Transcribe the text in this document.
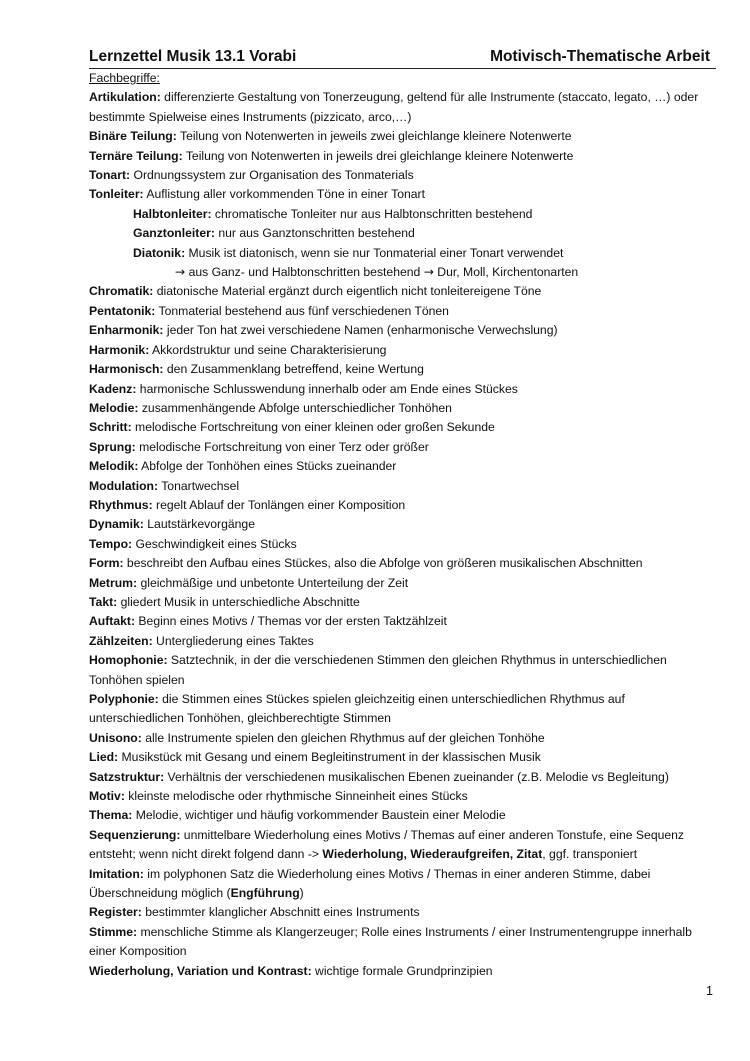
Lernzettel Musik 13.1 Vorabi	Motivisch-Thematische Arbeit
Fachbegriffe:
Artikulation: differenzierte Gestaltung von Tonerzeugung, geltend für alle Instrumente (staccato, legato, …) oder bestimmte Spielweise eines Instruments (pizzicato, arco,…)
Binäre Teilung: Teilung von Notenwerten in jeweils zwei gleichlange kleinere Notenwerte
Ternäre Teilung: Teilung von Notenwerten in jeweils drei gleichlange kleinere Notenwerte
Tonart: Ordnungssystem zur Organisation des Tonmaterials
Tonleiter: Auflistung aller vorkommenden Töne in einer Tonart
Halbtonleiter: chromatische Tonleiter nur aus Halbtonschritten bestehend
Ganztonleiter: nur aus Ganztonschritten bestehend
Diatonik: Musik ist diatonisch, wenn sie nur Tonmaterial einer Tonart verwendet
→ aus Ganz- und Halbtonschritten bestehend → Dur, Moll, Kirchentonarten
Chromatik: diatonische Material ergänzt durch eigentlich nicht tonleitereigene Töne
Pentatonik: Tonmaterial bestehend aus fünf verschiedenen Tönen
Enharmonik: jeder Ton hat zwei verschiedene Namen (enharmonische Verwechslung)
Harmonik: Akkordstruktur und seine Charakterisierung
Harmonisch: den Zusammenklang betreffend, keine Wertung
Kadenz: harmonische Schlusswendung innerhalb oder am Ende eines Stückes
Melodie: zusammenhängende Abfolge unterschiedlicher Tonhöhen
Schritt: melodische Fortschreitung von einer kleinen oder großen Sekunde
Sprung: melodische Fortschreitung von einer Terz oder größer
Melodik: Abfolge der Tonhöhen eines Stücks zueinander
Modulation: Tonartwechsel
Rhythmus: regelt Ablauf der Tonlängen einer Komposition
Dynamik: Lautstärkevorgänge
Tempo: Geschwindigkeit eines Stücks
Form: beschreibt den Aufbau eines Stückes, also die Abfolge von größeren musikalischen Abschnitten
Metrum: gleichmäßige und unbetonte Unterteilung der Zeit
Takt: gliedert Musik in unterschiedliche Abschnitte
Auftakt: Beginn eines Motivs / Themas vor der ersten Taktzählzeit
Zählzeiten: Untergliederung eines Taktes
Homophonie: Satztechnik, in der die verschiedenen Stimmen den gleichen Rhythmus in unterschiedlichen Tonhöhen spielen
Polyphonie: die Stimmen eines Stückes spielen gleichzeitig einen unterschiedlichen Rhythmus auf unterschiedlichen Tonhöhen, gleichberechtigte Stimmen
Unisono: alle Instrumente spielen den gleichen Rhythmus auf der gleichen Tonhöhe
Lied: Musikstück mit Gesang und einem Begleitinstrument in der klassischen Musik
Satzstruktur: Verhältnis der verschiedenen musikalischen Ebenen zueinander (z.B. Melodie vs Begleitung)
Motiv: kleinste melodische oder rhythmische Sinneinheit eines Stücks
Thema: Melodie, wichtiger und häufig vorkommender Baustein einer Melodie
Sequenzierung: unmittelbare Wiederholung eines Motivs / Themas auf einer anderen Tonstufe, eine Sequenz entsteht; wenn nicht direkt folgend dann -> Wiederholung, Wiederaufgreifen, Zitat, ggf. transponiert
Imitation: im polyphonen Satz die Wiederholung eines Motivs / Themas in einer anderen Stimme, dabei Überschneidung möglich (Engführung)
Register: bestimmter klanglicher Abschnitt eines Instruments
Stimme: menschliche Stimme als Klangerzeuger; Rolle eines Instruments / einer Instrumentengruppe innerhalb einer Komposition
Wiederholung, Variation und Kontrast: wichtige formale Grundprinzipien
1
